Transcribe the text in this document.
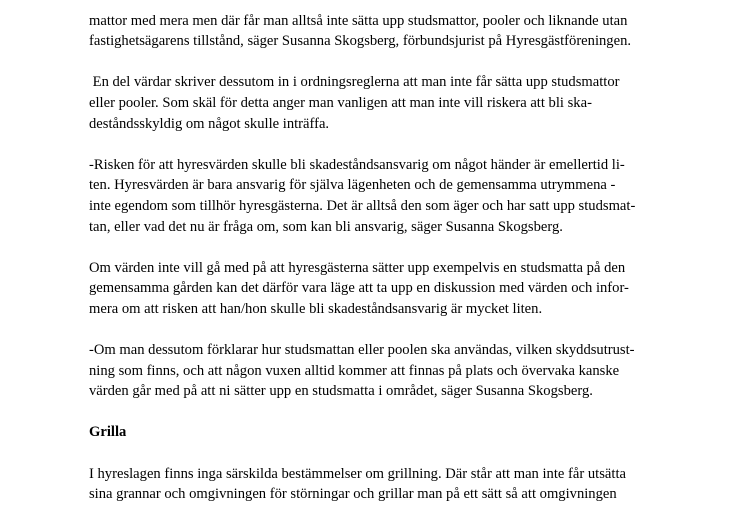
mattor med mera men där får man alltså inte sätta upp studsmattor, pooler och liknande utan
fastighetsägarens tillstånd, säger Susanna Skogsberg, förbundsjurist på Hyresgästföreningen.

En del värdar skriver dessutom in i ordningsreglerna att man inte får sätta upp studsmattor
eller pooler. Som skäl för detta anger man vanligen att man inte vill riskera att bli ska-
deståndsskyldig om något skulle inträffa.

-Risken för att hyresvärden skulle bli skadeståndsansvarig om något händer är emellertid li-
ten. Hyresvärden är bara ansvarig för själva lägenheten och de gemensamma utrymmena -
inte egendom som tillhör hyresgästerna. Det är alltså den som äger och har satt upp studsmat-
tan, eller vad det nu är fråga om, som kan bli ansvarig, säger Susanna Skogsberg.

Om värden inte vill gå med på att hyresgästerna sätter upp exempelvis en studsmatta på den
gemensamma gården kan det därför vara läge att ta upp en diskussion med värden och infor-
mera om att risken att han/hon skulle bli skadeståndsansvarig är mycket liten.

-Om man dessutom förklarar hur studsmattan eller poolen ska användas, vilken skyddsutrust-
ning som finns, och att någon vuxen alltid kommer att finnas på plats och övervaka kanske
värden går med på att ni sätter upp en studsmatta i området, säger Susanna Skogsberg.

Grilla

I hyreslagen finns inga särskilda bestämmelser om grillning. Där står att man inte får utsätta
sina grannar och omgivningen för störningar och grillar man på ett sätt så att omgivningen
